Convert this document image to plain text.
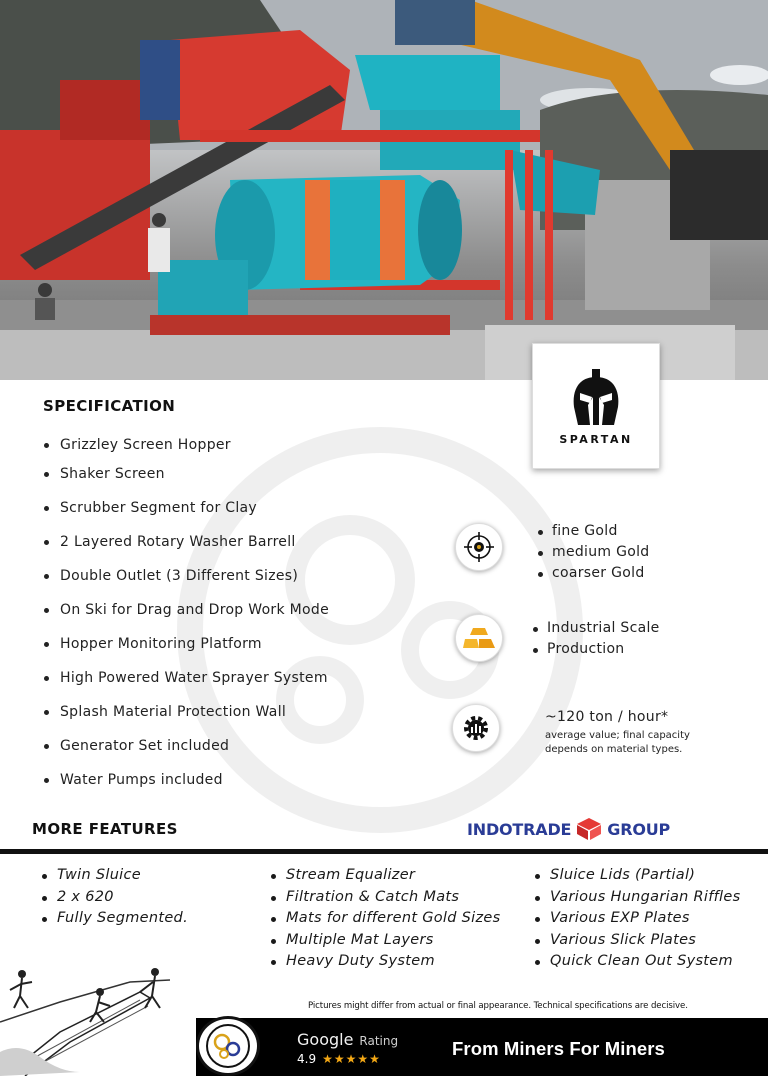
SPARTAN
SPECIFICATION
Grizzley Screen Hopper
Shaker Screen
Scrubber Segment for Clay
2 Layered Rotary Washer Barrell
Double Outlet (3 Different Sizes)
On Ski for Drag and Drop Work Mode
Hopper Monitoring Platform
High Powered Water Sprayer System
Splash Material Protection Wall
Generator Set included
Water Pumps included
fine Gold
medium Gold
coarser Gold
Industrial Scale
Production
~120 ton / hour*
average value; final capacity
depends on material types.
MORE FEATURES	INDOTRADE GROUP
Twin Sluice
2 x 620
Fully Segmented.
Stream Equalizer
Filtration & Catch Mats
Mats for different Gold Sizes
Multiple Mat Layers
Heavy Duty System
Sluice Lids (Partial)
Various Hungarian Riffles
Various EXP Plates
Various Slick Plates
Quick Clean Out System
Pictures might differ from actual or final appearance. Technical specifications are decisive.
Google Rating
4.9 ★★★★★	From Miners For Miners
